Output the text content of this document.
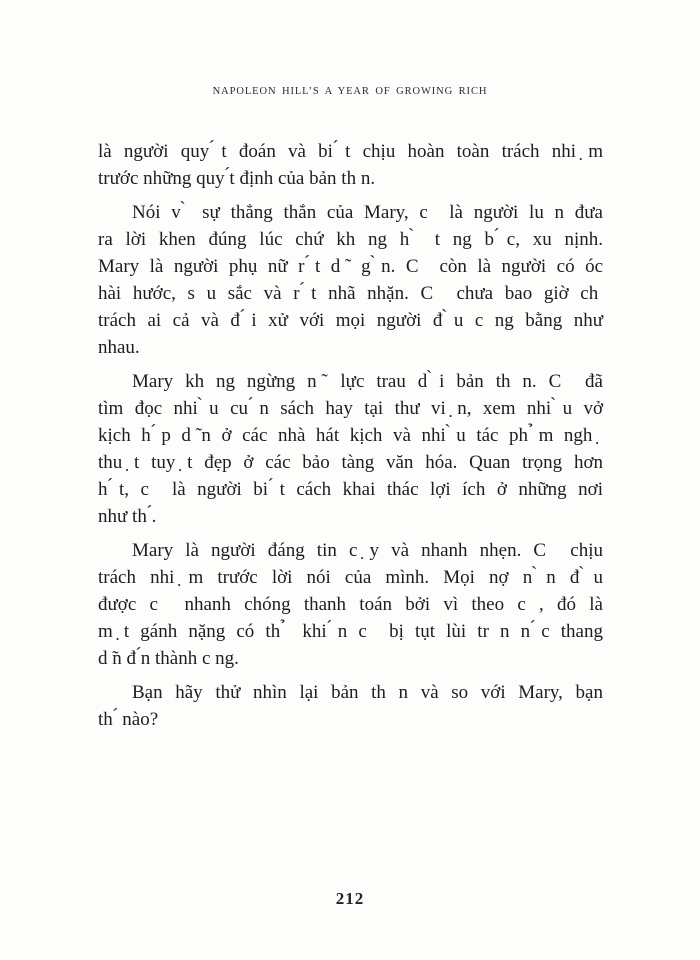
NAPOLEON HILL’S A YEAR OF GROWING RICH
là người quy ́t đoán và bi ́t chịu hoàn toàn trách nhi ̣m
trước những quy ́t định của bản th n.
Nói v ̀ sự thẳng thắn của Mary, c  là người lu n đưa
ra lời khen đúng lúc chứ kh ng h ̀ t ng b ́c, xu nịnh.
Mary là người phụ nữ r ́t d ̃ g ̀n. C  còn là người có óc
hài hước, s u sắc và r ́t nhã nhặn. C  chưa bao giờ ch
trách ai cả và đ ́i xử với mọi người đ ̀u c ng bằng như
nhau.
Mary kh ng ngừng n ̃ lực trau d ̀i bản th n. C  đã
tìm đọc nhi ̀u cu ́n sách hay tại thư vi ̣n, xem nhi ̀u vở
kịch h ́p d ̃n ở các nhà hát kịch và nhi ̀u tác ph ̉m ngh ̣
thu ̣t tuy ̣t đẹp ở các bảo tàng văn hóa. Quan trọng hơn
h ́t, c  là người bi ́t cách khai thác lợi ích ở những nơi
như th ́.
Mary là người đáng tin c ̣y và nhanh nhẹn. C  chịu
trách nhi ̣m trước lời nói của mình. Mọi nợ n ̀n đ ̀u
được c  nhanh chóng thanh toán bởi vì theo c , đó là
m ̣t gánh nặng có th ̉ khi ́n c  bị tụt lùi tr n n ́c thang
d ̃n đ ́n thành c ng.
Bạn hãy thử nhìn lại bản th n và so với Mary, bạn
th ́ nào?
212
